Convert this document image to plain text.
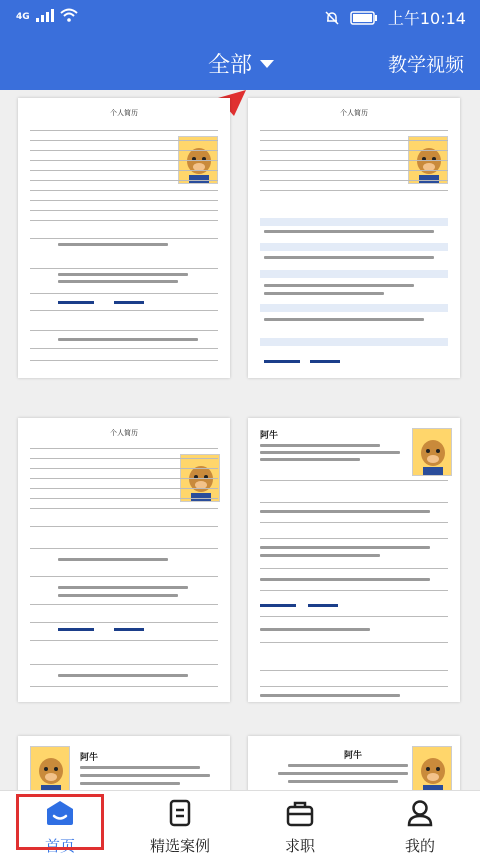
4G	上午10:14
全部	教学视频
个人简历	个人简历
个人简历	阿牛
阿牛	阿牛
首页	精选案例	求职	我的
